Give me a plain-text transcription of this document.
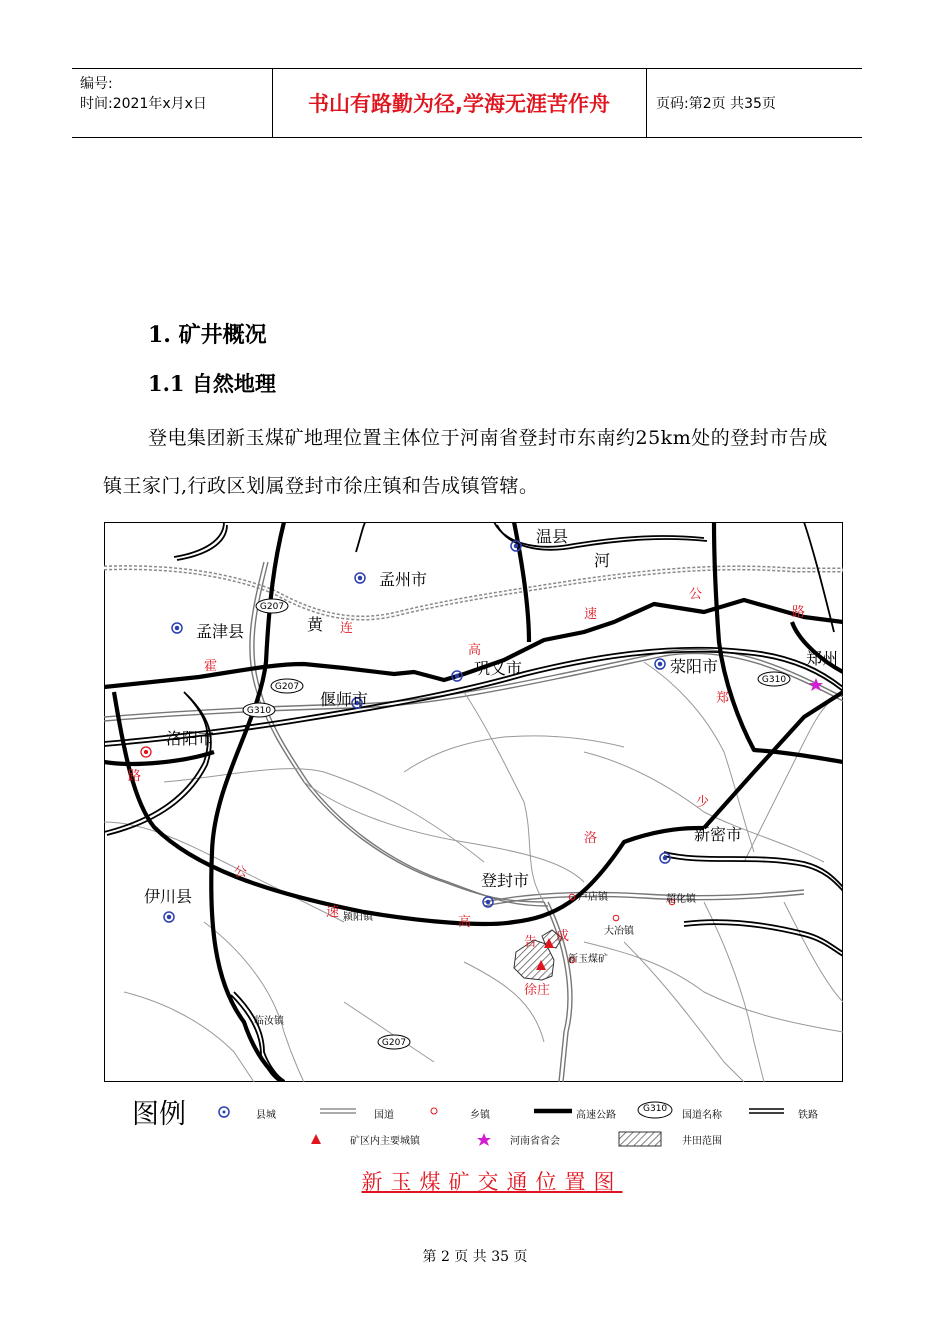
编号:
时间:2021年x月x日	书山有路勤为径,学海无涯苦作舟	页码:第2页 共35页
1. 矿井概况
1.1 自然地理
登电集团新玉煤矿地理位置主体位于河南省登封市东南约25km处的登封市告成镇王家门,行政区划属登封市徐庄镇和告成镇管辖。
G207
G207
G310
G310
G207
温县
孟州市
孟津县
巩义市	荥阳市	郑州
偃师市
洛阳市
新密市
登封市
伊川县
黄
河
卢店镇	超化镇
大冶镇
颍阳镇
临汝镇
新玉煤矿
告 成
徐庄
连
霍
高
速
公
路
郑
少
洛
路
公
速
高
图例	县城	国道	乡镇	高速公路
G310
国道名称	铁路
矿区内主要城镇	河南省省会	井田范围
新玉煤矿交通位置图
第 2 页 共 35 页
